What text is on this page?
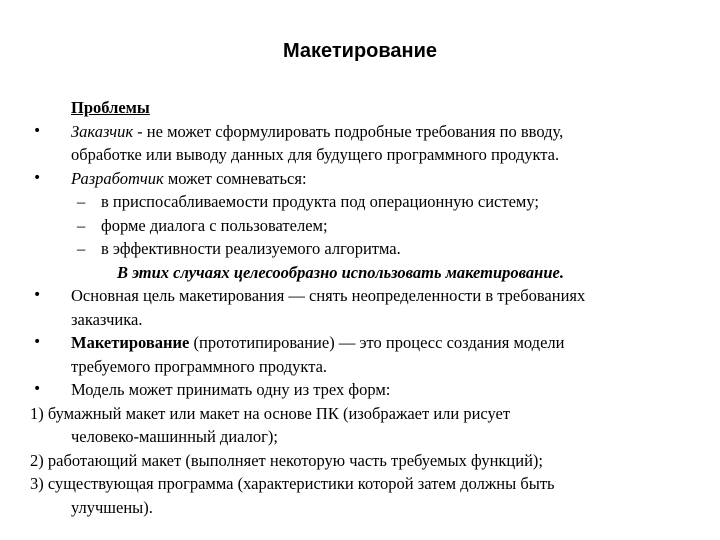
Макетирование
Проблемы
• Заказчик - не может сформулировать подробные требования по вводу,
обработке или выводу данных для будущего программного продукта.
• Разработчик может сомневаться:
– в приспосабливаемости продукта под операционную систему;
– форме диалога с пользователем;
– в эффективности реализуемого алгоритма.
В этих случаях целесообразно использовать макетирование.
• Основная цель макетирования — снять неопределенности в требованиях
заказчика.
• Макетирование (прототипирование) — это процесс создания модели
требуемого программного продукта.
• Модель может принимать одну из трех форм:
1) бумажный макет или макет на основе ПК (изображает или рисует
человеко-машинный диалог);
2) работающий макет (выполняет некоторую часть требуемых функций);
3) существующая программа (характеристики которой затем должны быть
улучшены).
